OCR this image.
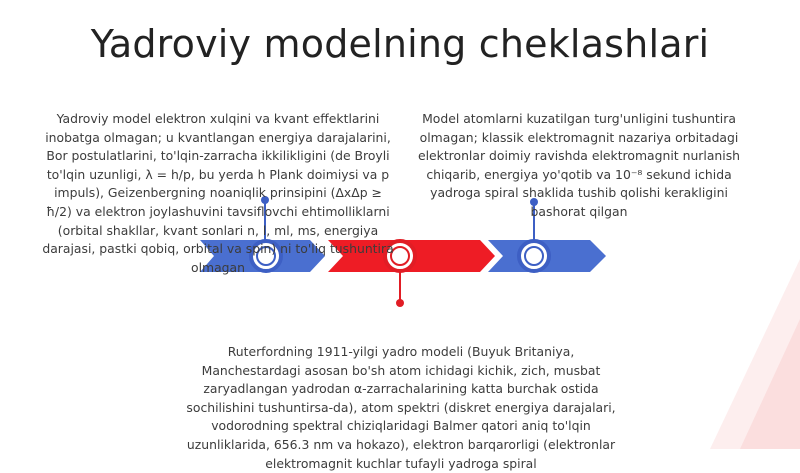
Yadroviy modelning cheklashlari
Yadroviy model elektron xulqini va kvant effektlarini inobatga olmagan; u kvantlangan energiya darajalarini, Bor postulatlarini, to'lqin-zarracha ikkilikligini (de Broyli to'lqin uzunligi, λ = h/p, bu yerda h Plank doimiysi va p impuls), Geizenbergning noaniqlik prinsipini (ΔxΔp ≥ ħ/2) va elektron joylashuvini tavsiflovchi ehtimolliklarni (orbital shakllar, kvant sonlari n, l, ml, ms, energiya darajasi, pastki qobiq, orbital va spin) ni to'liq tushuntira olmagan
Model atomlarni kuzatilgan turg'unligini tushuntira olmagan; klassik elektromagnit nazariya orbitadagi elektronlar doimiy ravishda elektromagnit nurlanish chiqarib, energiya yo'qotib va 10⁻⁸ sekund ichida yadroga spiral shaklida tushib qolishi kerakligini bashorat qilgan
Ruterfordning 1911-yilgi yadro modeli (Buyuk Britaniya, Manchestardagi asosan bo'sh atom ichidagi kichik, zich, musbat zaryadlangan yadrodan α-zarrachalarining katta burchak ostida sochilishini tushuntirsa-da), atom spektri (diskret energiya darajalari, vodorodning spektral chiziqlaridagi Balmer qatori aniq to'lqin uzunliklarida, 656.3 nm va hokazo), elektron barqarorligi (elektronlar elektromagnit kuchlar tufayli yadroga spiral
